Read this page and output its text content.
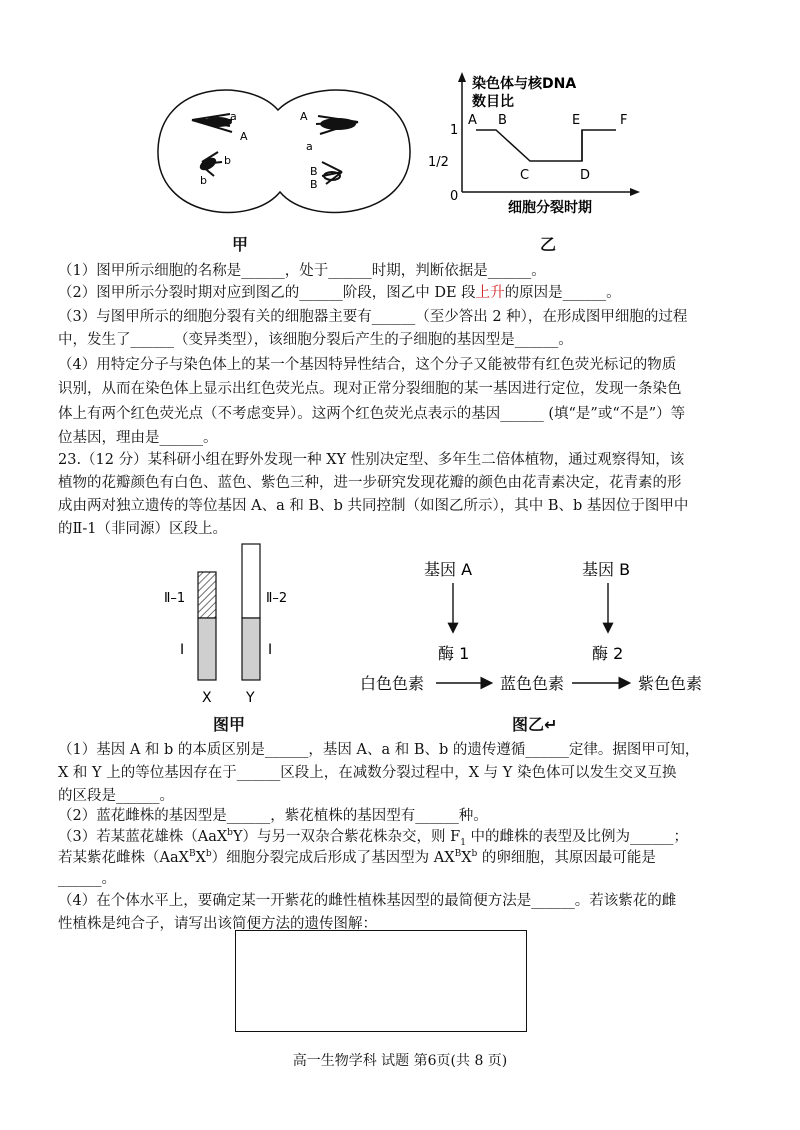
a
A
b
b
A
a
B
B
甲
染色体与核DNA
数目比
1
1/2
0
细胞分裂时期
A B
C	D
E	F
乙
（1）图甲所示细胞的名称是______，处于______时期，判断依据是______。
（2）图甲所示分裂时期对应到图乙的______阶段，图乙中 DE 段上升的原因是______。
（3）与图甲所示的细胞分裂有关的细胞器主要有______（至少答出 2 种），在形成图甲细胞的过程
中，发生了______（变异类型），该细胞分裂后产生的子细胞的基因型是______。
（4）用特定分子与染色体上的某一个基因特异性结合，这个分子又能被带有红色荧光标记的物质
识别，从而在染色体上显示出红色荧光点。现对正常分裂细胞的某一基因进行定位，发现一条染色
体上有两个红色荧光点（不考虑变异）。这两个红色荧光点表示的基因______ (填“是”或“不是”）等
位基因，理由是______。
23.（12 分）某科研小组在野外发现一种 XY 性别决定型、多年生二倍体植物，通过观察得知，该
植物的花瓣颜色有白色、蓝色、紫色三种，进一步研究发现花瓣的颜色由花青素决定，花青素的形
成由两对独立遗传的等位基因 A、a 和 B、b 共同控制（如图乙所示），其中 B、b 基因位于图甲中
的Ⅱ-1（非同源）区段上。
Ⅱ–1	Ⅱ–2
Ⅰ	Ⅰ
X Y
图甲
基因 A	基因 B
酶 1	酶 2
白色色素	蓝色色素	紫色色素
图乙↵
（1）基因 A 和 b 的本质区别是______，基因 A、a 和 B、b 的遗传遵循______定律。据图甲可知，
X 和 Y 上的等位基因存在于______区段上，在减数分裂过程中，X 与 Y 染色体可以发生交叉互换
的区段是______。
（2）蓝花雌株的基因型是______，紫花植株的基因型有______种。
（3）若某蓝花雄株（AaX$^b$Y）与另一双杂合紫花株杂交，则 $F_1$ 中的雌株的表型及比例为______；
若某紫花雌株$(AaX^BX^b)$细胞分裂完成后形成了基因型为 $AX^BX^b$ 的卵细胞，其原因最可能是
______。
（4）在个体水平上，要确定某一开紫花的雌性植株基因型的最简便方法是______。若该紫花的雌
性植株是纯合子，请写出该简便方法的遗传图解：
高一生物学科 试题 第6页(共 8 页)
